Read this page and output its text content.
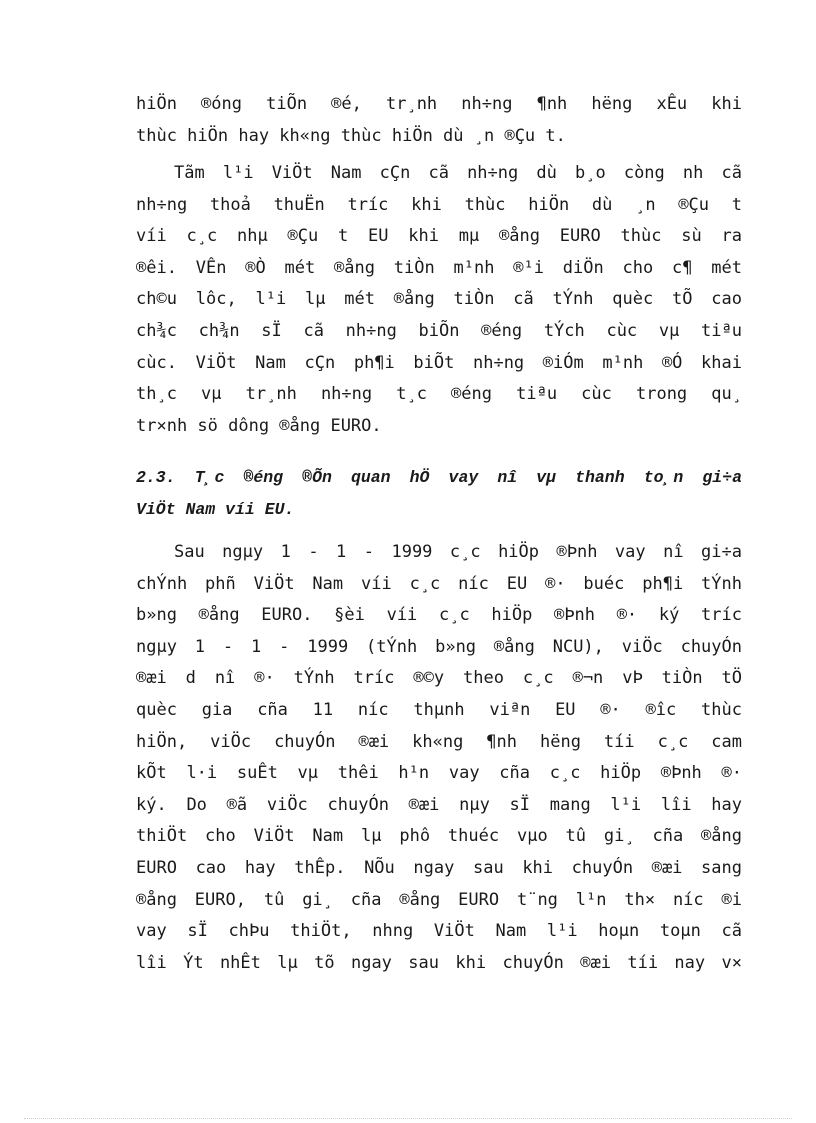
hiÖn ®óng tiÕn ®é, tr¸nh nh÷ng ¶nh hëng xÊu khi
thùc hiÖn hay kh«ng thùc hiÖn dù ¸n ®Çu t.
Tãm l¹i ViÖt Nam cÇn cã nh÷ng dù b¸o còng nh cã
nh÷ng thoả thuËn tríc khi thùc hiÖn dù ¸n ®Çu t
víi c¸c nhµ ®Çu t EU khi mµ ®ång EURO thùc sù ra
®êi. VÊn ®Ò mét ®ång tiÒn m¹nh ®¹i diÖn cho c¶ mét
ch©u lôc, l¹i lµ mét ®ång tiÒn cã tÝnh quèc tÕ cao
ch¾c ch¾n sÏ cã nh÷ng biÕn ®éng tÝch cùc vµ tiªu
cùc. ViÖt Nam cÇn ph¶i biÕt nh÷ng ®iÓm m¹nh ®Ó khai
th¸c vµ tr¸nh nh÷ng t¸c ®éng tiªu cùc trong qu¸
tr×nh sö dông ®ång EURO.
2.3. T¸c ®éng ®Õn quan hÖ vay nî vµ thanh to¸n gi÷a
ViÖt Nam víi EU.
Sau ngµy 1 - 1 - 1999 c¸c hiÖp ®Þnh vay nî gi÷a
chÝnh phñ ViÖt Nam víi c¸c níc EU ®· buéc ph¶i tÝnh
b»ng ®ång EURO. §èi víi c¸c hiÖp ®Þnh ®· ký tríc
ngµy 1 - 1 - 1999 (tÝnh b»ng ®ång NCU), viÖc chuyÓn
®æi d nî ®· tÝnh tríc ®©y theo c¸c ®¬n vÞ tiÒn tÖ
quèc gia cña 11 níc thµnh viªn EU ®· ®îc thùc
hiÖn, viÖc chuyÓn ®æi kh«ng ¶nh hëng tíi c¸c cam
kÕt l·i suÊt vµ thêi h¹n vay cña c¸c hiÖp ®Þnh ®·
ký. Do ®ã viÖc chuyÓn ®æi nµy sÏ mang l¹i lîi hay
thiÖt cho ViÖt Nam lµ phô thuéc vµo tû gi¸ cña ®ång
EURO cao hay thÊp. NÕu ngay sau khi chuyÓn ®æi sang
®ång EURO, tû gi¸ cña ®ång EURO t¨ng l¹n th× níc ®i
vay sÏ chÞu thiÖt, nhng ViÖt Nam l¹i hoµn toµn cã
lîi Ýt nhÊt lµ tõ ngay sau khi chuyÓn ®æi tíi nay v×
